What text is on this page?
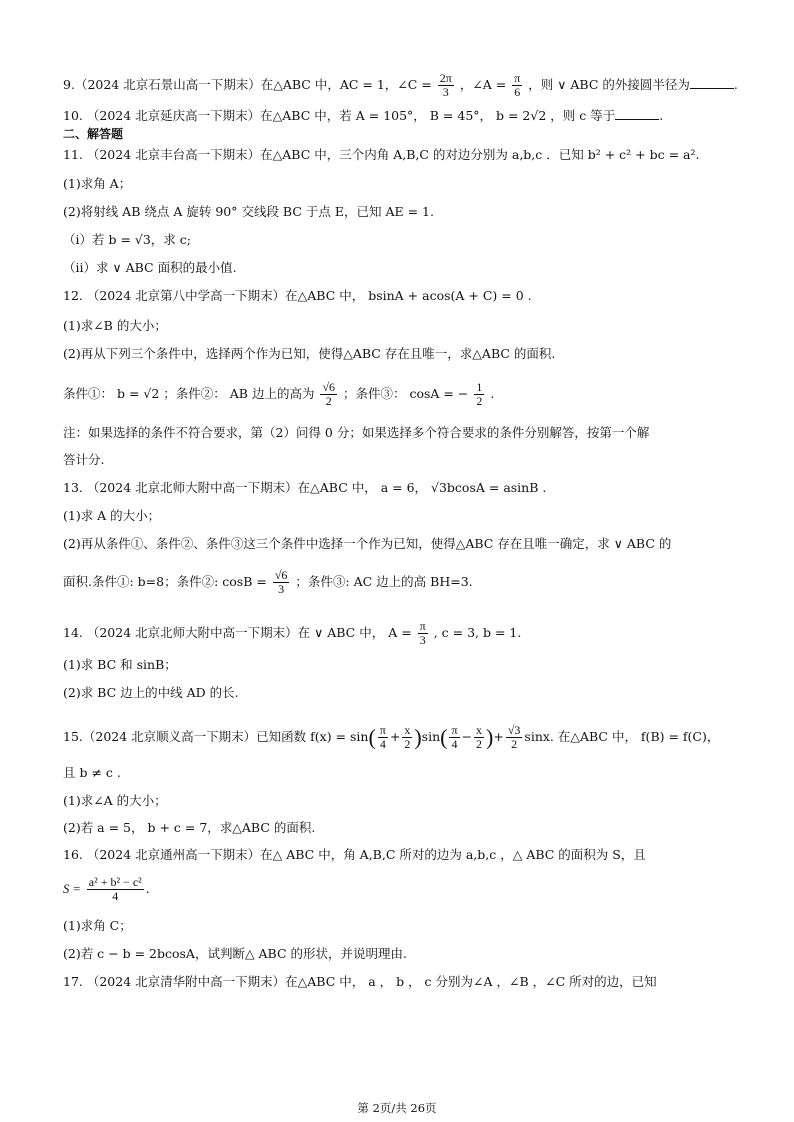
9.（2024 北京石景山高一下期末）在△ABC 中，AC = 1，∠C = $\frac{2\pi}{3}$ ，∠A = $\frac{\pi}{6}$ ，则 ∨ ABC 的外接圆半径为	.
10. （2024 北京延庆高一下期末）在△ABC 中，若 A = 105°， B = 45°， b = 2√2 ，则 c 等于	.
二、解答题
11. （2024 北京丰台高一下期末）在△ABC 中，三个内角 A,B,C 的对边分别为 a,b,c ．已知 b² + c² + bc = a².
(1)求角 A；
(2)将射线 AB 绕点 A 旋转 90° 交线段 BC 于点 E，已知 AE = 1.
（i）若 b = √3，求 c;
（ii）求 ∨ ABC 面积的最小值.
12. （2024 北京第八中学高一下期末）在△ABC 中， bsinA + acos(A + C) = 0 .
(1)求∠B 的大小；
(2)再从下列三个条件中，选择两个作为已知，使得△ABC 存在且唯一，求△ABC 的面积.
条件①： b = √2 ；条件②： AB 边上的高为 $\frac{√6}{2}$ ；条件③： cosA = − $\frac{1}{2}$ .
注：如果选择的条件不符合要求，第（2）问得 0 分；如果选择多个符合要求的条件分别解答，按第一个解
答计分.
13. （2024 北京北师大附中高一下期末）在△ABC 中， a = 6， √3bcosA = asinB .
(1)求 A 的大小；
(2)再从条件①、条件②、条件③这三个条件中选择一个作为已知，使得△ABC 存在且唯一确定，求 ∨ ABC 的
面积.条件①: b=8；条件②: $\cos B = \frac{√6}{3}$ ；条件③: AC 边上的高 BH=3.
14. （2024 北京北师大附中高一下期末）在 ∨ ABC 中， $A = \frac{\pi}{3}$ , c = 3, b = 1.
(1)求 BC 和 sinB；
(2)求 BC 边上的中线 AD 的长.
15.（2024 北京顺义高一下期末）已知函数 $f(x) = \sin( \frac{\pi}{4} + \frac{x}{2} )\sin( \frac{\pi}{4} - \frac{x}{2}$ )+ $\frac{√3}{2} \sin x$. 在△ABC 中， f(B) = f(C)，
且 b ≠ c .
(1)求∠A 的大小；
(2)若 a = 5， b + c = 7，求△ABC 的面积.
16. （2024 北京通州高一下期末）在△ ABC 中，角 A,B,C 所对的边为 a,b,c ，△ ABC 的面积为 S，且
$S = \frac{\text{a² + b² − c²}}{4}$ .
(1)求角 C；
(2)若 c − b = 2bcosA，试判断△ ABC 的形状，并说明理由.
17. （2024 北京清华附中高一下期末）在△ABC 中， a ， b ， c 分别为∠A ，∠B ，∠C 所对的边，已知
第 2页/共 26页
